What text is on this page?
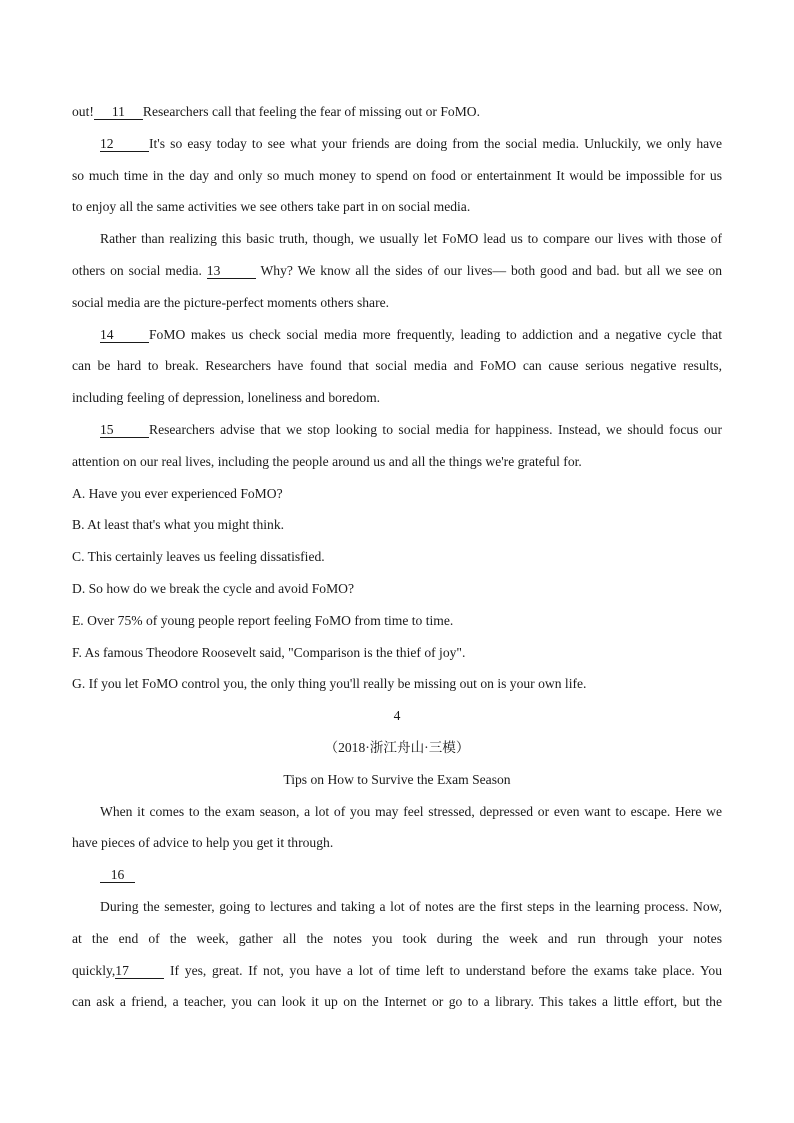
out! 11 Researchers call that feeling the fear of missing out or FoMO.
12	It's so easy today to see what your friends are doing from the social media. Unluckily, we only have
so much time in the day and only so much money to spend on food or entertainment It would be impossible for us
to enjoy all the same activities we see others take part in on social media.
Rather than realizing this basic truth, though, we usually let FoMO lead us to compare our lives with those of
others on social media. 13	Why? We know all the sides of our lives— both good and bad. but all we see on
social media are the picture-perfect moments others share.
14	FoMO makes us check social media more frequently, leading to addiction and a negative cycle that
can be hard to break. Researchers have found that social media and FoMO can cause serious negative results,
including feeling of depression, loneliness and boredom.
15	Researchers advise that we stop looking to social media for happiness. Instead, we should focus our
attention on our real lives, including the people around us and all the things we're grateful for.
A. Have you ever experienced FoMO?
B. At least that's what you might think.
C. This certainly leaves us feeling dissatisfied.
D. So how do we break the cycle and avoid FoMO?
E. Over 75% of young people report feeling FoMO from time to time.
F. As famous Theodore Roosevelt said, "Comparison is the thief of joy".
G. If you let FoMO control you, the only thing you'll really be missing out on is your own life.
4
（2018·浙江舟山·三模）
Tips on How to Survive the Exam Season
When it comes to the exam season, a lot of you may feel stressed, depressed or even want to escape. Here we
have pieces of advice to help you get it through.
16
During the semester, going to lectures and taking a lot of notes are the first steps in the learning process. Now,
at the end of the week, gather all the notes you took during the week and run through your notes
quickly,17	If yes, great. If not, you have a lot of time left to understand before the exams take place. You
can ask a friend, a teacher, you can look it up on the Internet or go to a library. This takes a little effort, but the
